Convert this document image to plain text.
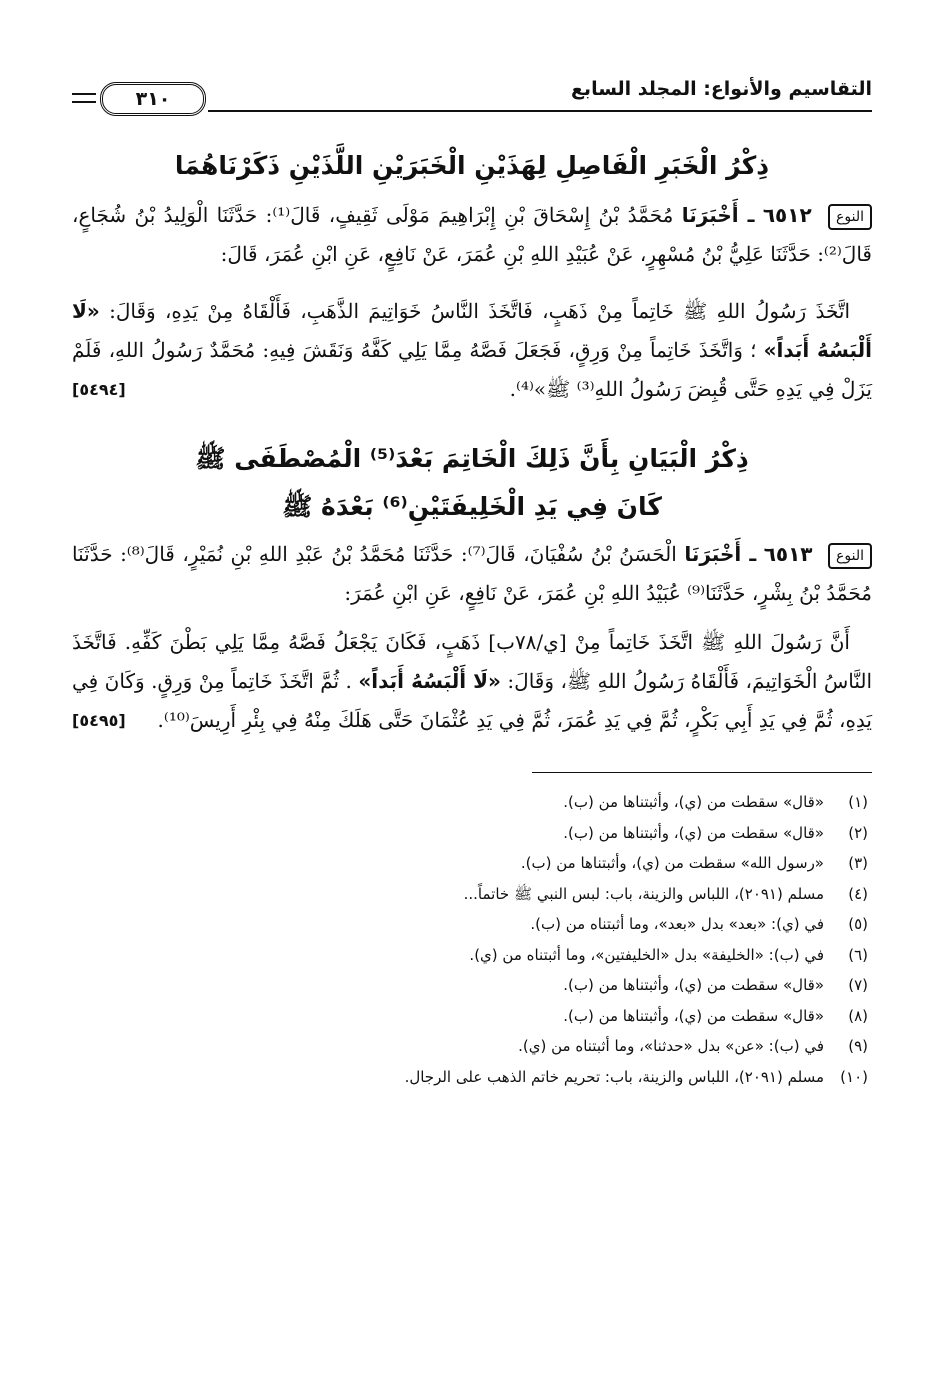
التقاسيم والأنواع: المجلد السابع
٣١٠
ذِكْرُ الْخَبَرِ الْفَاصِلِ لِهَذَيْنِ الْخَبَرَيْنِ اللَّذَيْنِ ذَكَرْنَاهُمَا

النوع ٦٥١٢ ـ أَخْبَرَنَا مُحَمَّدُ بْنُ إِسْحَاقَ بْنِ إِبْرَاهِيمَ مَوْلَى ثَقِيفٍ، قَالَ⁽¹⁾: حَدَّثَنَا الْوَلِيدُ بْنُ شُجَاعٍ، قَالَ⁽²⁾: حَدَّثَنَا عَلِيُّ بْنُ مُسْهِرٍ، عَنْ عُبَيْدِ اللهِ بْنِ عُمَرَ، عَنْ نَافِعٍ، عَنِ ابْنِ عُمَرَ، قَالَ:

اتَّخَذَ رَسُولُ اللهِ ﷺ خَاتِماً مِنْ ذَهَبٍ، فَاتَّخَذَ النَّاسُ خَوَاتِيمَ الذَّهَبِ، فَأَلْقَاهُ مِنْ يَدِهِ، وَقَالَ: «لَا أَلْبَسُهُ أَبَداً» ؛ وَاتَّخَذَ خَاتِماً مِنْ وَرِقٍ، فَجَعَلَ فَصَّهُ مِمَّا يَلِي كَفَّهُ وَنَقَشَ فِيهِ: مُحَمَّدٌ رَسُولُ اللهِ، فَلَمْ يَزَلْ فِي يَدِهِ حَتَّى قُبِضَ رَسُولُ اللهِ⁽³⁾ ﷺ»⁽⁴⁾.
[٥٤٩٤]

ذِكْرُ الْبَيَانِ بِأَنَّ ذَلِكَ الْخَاتِمَ بَعْدَ⁽⁵⁾ الْمُصْطَفَى ﷺ
كَانَ فِي يَدِ الْخَلِيفَتَيْنِ⁽⁶⁾ بَعْدَهُ ﷺ

النوع ٦٥١٣ ـ أَخْبَرَنَا الْحَسَنُ بْنُ سُفْيَانَ، قَالَ⁽⁷⁾: حَدَّثَنَا مُحَمَّدُ بْنُ عَبْدِ اللهِ بْنِ نُمَيْرٍ، قَالَ⁽⁸⁾: حَدَّثَنَا مُحَمَّدُ بْنُ بِشْرٍ، حَدَّثَنَا⁽⁹⁾ عُبَيْدُ اللهِ بْنِ عُمَرَ، عَنْ نَافِعٍ، عَنِ ابْنِ عُمَرَ:

أَنَّ رَسُولَ اللهِ ﷺ اتَّخَذَ خَاتِماً مِنْ [ي/٧٨ب] ذَهَبٍ، فَكَانَ يَجْعَلُ فَصَّهُ مِمَّا يَلِي بَطْنَ كَفِّهِ. فَاتَّخَذَ النَّاسُ الْخَوَاتِيمَ، فَأَلْقَاهُ رَسُولُ اللهِ ﷺ، وَقَالَ: «لَا أَلْبَسُهُ أَبَداً» . ثُمَّ اتَّخَذَ خَاتِماً مِنْ وَرِقٍ. وَكَانَ فِي يَدِهِ، ثُمَّ فِي يَدِ أَبِي بَكْرٍ، ثُمَّ فِي يَدِ عُمَرَ، ثُمَّ فِي يَدِ عُثْمَانَ حَتَّى هَلَكَ مِنْهُ فِي بِئْرِ أَرِيسَ⁽¹⁰⁾.
[٥٤٩٥]

(١)«قال» سقطت من (ي)، وأثبتناها من (ب).
(٢)«قال» سقطت من (ي)، وأثبتناها من (ب).
(٣)«رسول الله» سقطت من (ي)، وأثبتناها من (ب).
(٤)مسلم (٢٠٩١)، اللباس والزينة، باب: لبس النبي ﷺ خاتماً...
(٥)في (ي): «بعد» بدل «بعد»، وما أثبتناه من (ب).
(٦)في (ب): «الخليفة» بدل «الخليفتين»، وما أثبتناه من (ي).
(٧)«قال» سقطت من (ي)، وأثبتناها من (ب).
(٨)«قال» سقطت من (ي)، وأثبتناها من (ب).
(٩)في (ب): «عن» بدل «حدثنا»، وما أثبتناه من (ي).
(١٠)مسلم (٢٠٩١)، اللباس والزينة، باب: تحريم خاتم الذهب على الرجال.
